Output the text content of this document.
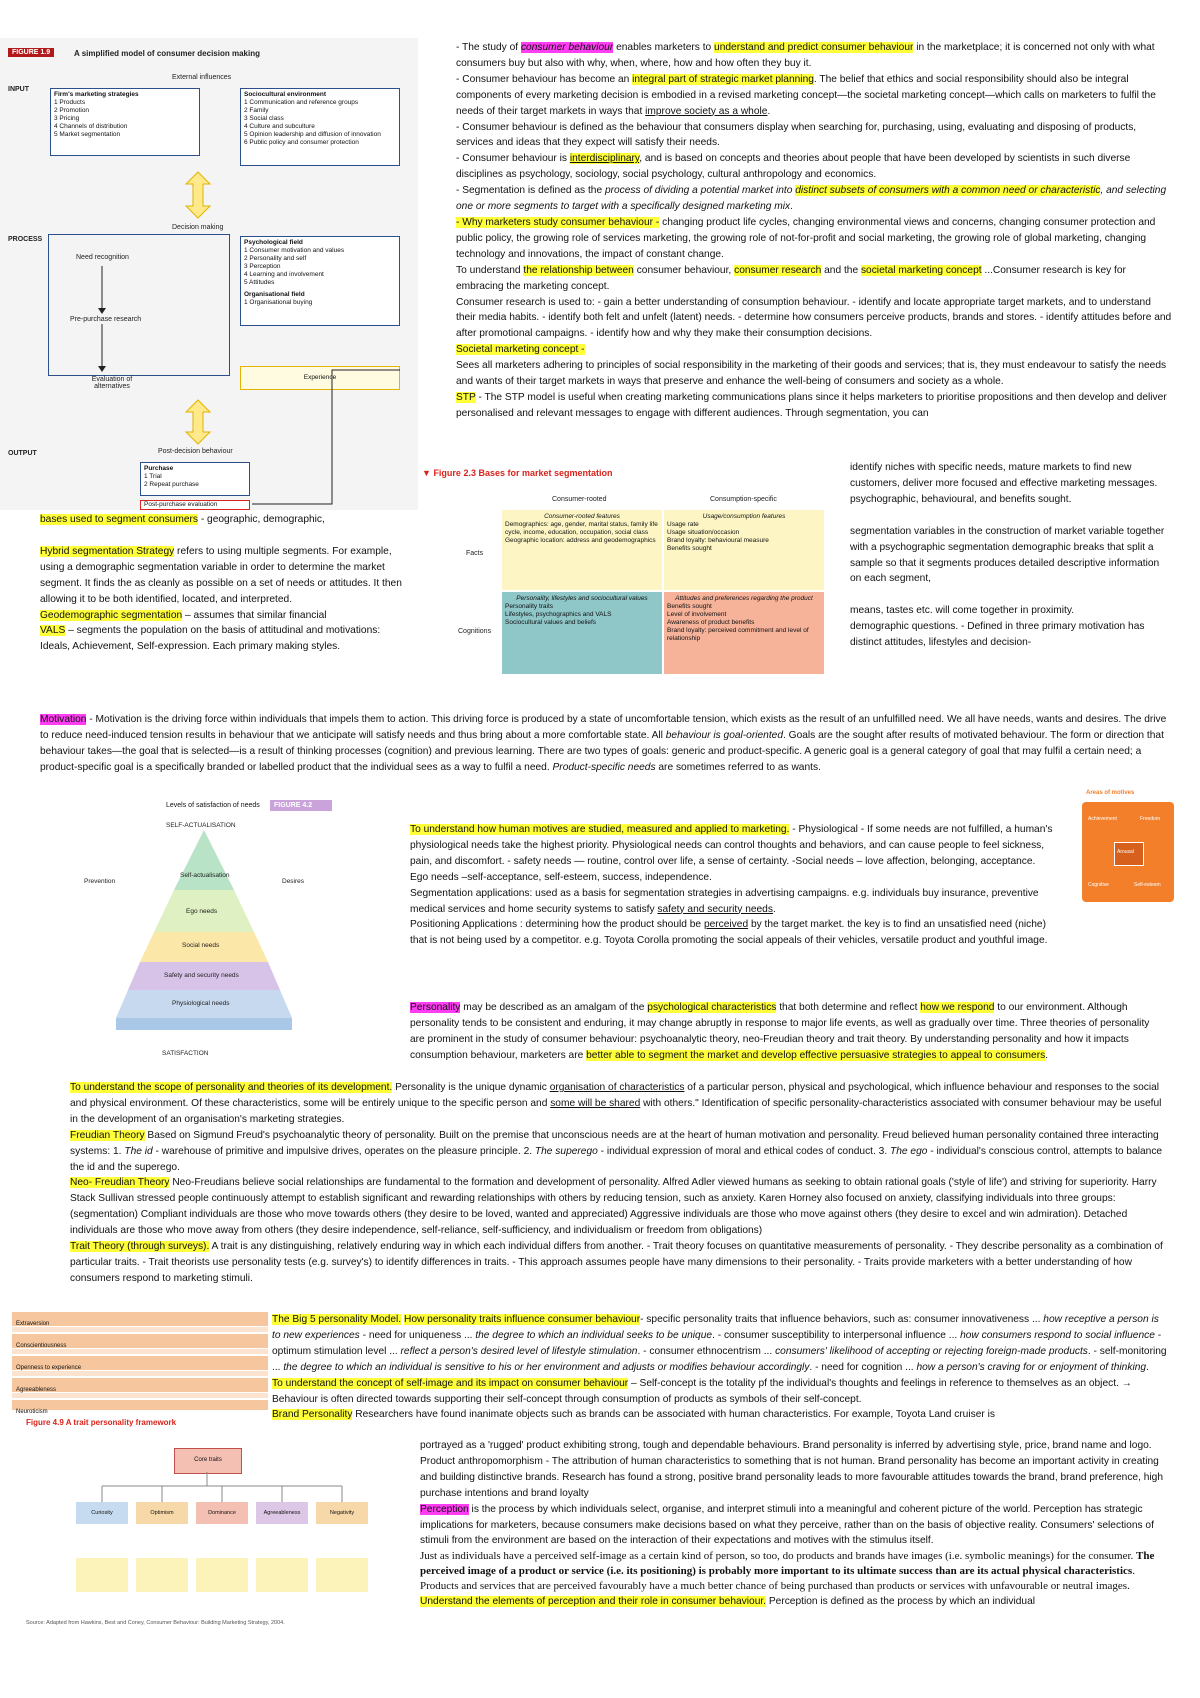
FIGURE 1.9	A simplified model of consumer decision making
External influences
INPUT
Firm's marketing strategies
1 Products
2 Promotion
3 Pricing
4 Channels of distribution
5 Market segmentation
Sociocultural environment
1 Communication and reference groups
2 Family
3 Social class
4 Culture and subculture
5 Opinion leadership and diffusion of innovation
6 Public policy and consumer protection
Decision making
PROCESS
Need recognition
Pre-purchase research
Evaluation of alternatives
Psychological field
1 Consumer motivation and values
2 Personality and self
3 Perception
4 Learning and involvement
5 Attitudes
Organisational field
1 Organisational buying
Experience
OUTPUT	Post-decision behaviour
Purchase
1 Trial
2 Repeat purchase
Post-purchase evaluation

- The study of consumer behaviour enables marketers to understand and predict consumer behaviour in the marketplace; it is concerned not only with what consumers buy but also with why, when, where, how and how often they buy it.

- Consumer behaviour has become an integral part of strategic market planning. The belief that ethics and social responsibility should also be integral components of every marketing decision is embodied in a revised marketing concept—the societal marketing concept—which calls on marketers to fulfil the needs of their target markets in ways that improve society as a whole.

- Consumer behaviour is defined as the behaviour that consumers display when searching for, purchasing, using, evaluating and disposing of products, services and ideas that they expect will satisfy their needs.

- Consumer behaviour is interdisciplinary, and is based on concepts and theories about people that have been developed by scientists in such diverse disciplines as psychology, sociology, social psychology, cultural anthropology and economics.

- Segmentation is defined as the process of dividing a potential market into distinct subsets of consumers with a common need or characteristic, and selecting one or more segments to target with a specifically designed marketing mix.

- Why marketers study consumer behaviour - changing product life cycles, changing environmental views and concerns, changing consumer protection and public policy, the growing role of services marketing, the growing role of not-for-profit and social marketing, the growing role of global marketing, changing technology and innovations, the impact of constant change.

To understand the relationship between consumer behaviour, consumer research and the societal marketing concept ...Consumer research is key for embracing the marketing concept.

Consumer research is used to: - gain a better understanding of consumption behaviour. - identify and locate appropriate target markets, and to understand their media habits. - identify both felt and unfelt (latent) needs. - determine how consumers perceive products, brands and stores. - identify attitudes before and after promotional campaigns. - identify how and why they make their consumption decisions.

Societal marketing concept -

Sees all marketers adhering to principles of social responsibility in the marketing of their goods and services; that is, they must endeavour to satisfy the needs and wants of their target markets in ways that preserve and enhance the well-being of consumers and society as a whole.

STP - The STP model is useful when creating marketing communications plans since it helps marketers to prioritise propositions and then develop and deliver personalised and relevant messages to engage with different audiences. Through segmentation, you can

▼ Figure 2.3 Bases for market segmentation
Consumer-rooted	Consumption-specific
Facts
Cognitions
Consumer-rooted features
Demographics: age, gender, marital status, family life cycle, income, education, occupation, social class
Geographic location: address and geodemographics
Usage/consumption features
Usage rate
Usage situation/occasion
Brand loyalty: behavioural measure
Benefits sought
Personality, lifestyles and sociocultural values
Personality traits
Lifestyles, psychographics and VALS
Sociocultural values and beliefs
Attitudes and preferences regarding the product
Benefits sought
Level of involvement
Awareness of product benefits
Brand loyalty: perceived commitment and level of relationship

identify niches with specific needs, mature markets to find new customers, deliver more focused and effective marketing messages.

psychographic, behavioural, and benefits sought.

segmentation variables in the construction of market variable together with a psychographic segmentation demographic breaks that split a sample so that it segments produces detailed descriptive information on each segment,

means, tastes etc. will come together in proximity.

demographic questions. - Defined in three primary motivation has distinct attitudes, lifestyles and decision-

bases used to segment consumers - geographic, demographic,

Hybrid segmentation Strategy refers to using multiple segments. For example, using a demographic segmentation variable in order to determine the market segment. It finds the as cleanly as possible on a set of needs or attitudes. It then allowing it to be both identified, located, and interpreted.

Geodemographic segmentation – assumes that similar financial

VALS – segments the population on the basis of attitudinal and motivations: Ideals, Achievement, Self-expression. Each primary making styles.

Motivation - Motivation is the driving force within individuals that impels them to action. This driving force is produced by a state of uncomfortable tension, which exists as the result of an unfulfilled need. We all have needs, wants and desires. The drive to reduce need-induced tension results in behaviour that we anticipate will satisfy needs and thus bring about a more comfortable state. All behaviour is goal-oriented. Goals are the sought after results of motivated behaviour. The form or direction that behaviour takes—the goal that is selected—is a result of thinking processes (cognition) and previous learning. There are two types of goals: generic and product-specific. A generic goal is a general category of goal that may fulfil a certain need; a product-specific goal is a specifically branded or labelled product that the individual sees as a way to fulfil a need. Product-specific needs are sometimes referred to as wants.

Levels of satisfaction of needs	FIGURE 4.2
SELF-ACTUALISATION
Prevention	Desires
Self-actualisation
Ego needs
Social needs
Safety and security needs
Physiological needs
SATISFACTION

To understand how human motives are studied, measured and applied to marketing. - Physiological - If some needs are not fulfilled, a human's physiological needs take the highest priority. Physiological needs can control thoughts and behaviors, and can cause people to feel sickness, pain, and discomfort. - safety needs — routine, control over life, a sense of certainty. -Social needs – love affection, belonging, acceptance. Ego needs –self-acceptance, self-esteem, success, independence.

Segmentation applications: used as a basis for segmentation strategies in advertising campaigns. e.g. individuals buy insurance, preventive medical services and home security systems to satisfy safety and security needs.

Positioning Applications : determining how the product should be perceived by the target market. the key is to find an unsatisfied need (niche) that is not being used by a competitor. e.g. Toyota Corolla promoting the social appeals of their vehicles, versatile product and youthful image.

Areas of motives
Achievement	Freedom
Arousal
Cognitive	Self-esteem

Personality may be described as an amalgam of the psychological characteristics that both determine and reflect how we respond to our environment. Although personality tends to be consistent and enduring, it may change abruptly in response to major life events, as well as gradually over time. Three theories of personality are prominent in the study of consumer behaviour: psychoanalytic theory, neo-Freudian theory and trait theory. By understanding personality and how it impacts consumption behaviour, marketers are better able to segment the market and develop effective persuasive strategies to appeal to consumers.

To understand the scope of personality and theories of its development. Personality is the unique dynamic organisation of characteristics of a particular person, physical and psychological, which influence behaviour and responses to the social and physical environment. Of these characteristics, some will be entirely unique to the specific person and some will be shared with others." Identification of specific personality-characteristics associated with consumer behaviour may be useful in the development of an organisation's marketing strategies.

Freudian Theory Based on Sigmund Freud's psychoanalytic theory of personality. Built on the premise that unconscious needs are at the heart of human motivation and personality. Freud believed human personality contained three interacting systems: 1. The id - warehouse of primitive and impulsive drives, operates on the pleasure principle. 2. The superego - individual expression of moral and ethical codes of conduct. 3. The ego - individual's conscious control, attempts to balance the id and the superego.

Neo- Freudian Theory Neo-Freudians believe social relationships are fundamental to the formation and development of personality. Alfred Adler viewed humans as seeking to obtain rational goals ('style of life') and striving for superiority. Harry Stack Sullivan stressed people continuously attempt to establish significant and rewarding relationships with others by reducing tension, such as anxiety. Karen Horney also focused on anxiety, classifying individuals into three groups: (segmentation) Compliant individuals are those who move towards others (they desire to be loved, wanted and appreciated) Aggressive individuals are those who move against others (they desire to excel and win admiration). Detached individuals are those who move away from others (they desire independence, self-reliance, self-sufficiency, and individualism or freedom from obligations)

Trait Theory (through surveys). A trait is any distinguishing, relatively enduring way in which each individual differs from another. - Trait theory focuses on quantitative measurements of personality. - They describe personality as a combination of particular traits. - Trait theorists use personality tests (e.g. survey's) to identify differences in traits. - This approach assumes people have many dimensions to their personality. - Traits provide marketers with a better understanding of how consumers respond to marketing stimuli.

Extraversion
Conscientiousness
Openness to experience
Agreeableness
Neuroticism
Figure 4.9 A trait personality framework
Core traits
Curiosity	Optimism	Dominance	Agreeableness	Negativity
Source: Adapted from Hawkins, Best and Coney, Consumer Behaviour: Building Marketing Strategy, 2004.

The Big 5 personality Model. How personality traits influence consumer behaviour- specific personality traits that influence behaviors, such as: consumer innovativeness ... how receptive a person is to new experiences - need for uniqueness ... the degree to which an individual seeks to be unique. - consumer susceptibility to interpersonal influence ... how consumers respond to social influence - optimum stimulation level ... reflect a person's desired level of lifestyle stimulation. - consumer ethnocentrism ... consumers' likelihood of accepting or rejecting foreign-made products. - self-monitoring ... the degree to which an individual is sensitive to his or her environment and adjusts or modifies behaviour accordingly. - need for cognition ... how a person's craving for or enjoyment of thinking.

To understand the concept of self-image and its impact on consumer behaviour – Self-concept is the totality pf the individual's thoughts and feelings in reference to themselves as an object. → Behaviour is often directed towards supporting their self-concept through consumption of products as symbols of their self-concept.

Brand Personality Researchers have found inanimate objects such as brands can be associated with human characteristics. For example, Toyota Land cruiser is

portrayed as a 'rugged' product exhibiting strong, tough and dependable behaviours. Brand personality is inferred by advertising style, price, brand name and logo. Product anthropomorphism - The attribution of human characteristics to something that is not human. Brand personality has become an important activity in creating and building distinctive brands. Research has found a strong, positive brand personality leads to more favourable attitudes towards the brand, brand preference, high purchase intentions and brand loyalty

Perception is the process by which individuals select, organise, and interpret stimuli into a meaningful and coherent picture of the world. Perception has strategic implications for marketers, because consumers make decisions based on what they perceive, rather than on the basis of objective reality. Consumers' selections of stimuli from the environment are based on the interaction of their expectations and motives with the stimulus itself.

Just as individuals have a perceived self-image as a certain kind of person, so too, do products and brands have images (i.e. symbolic meanings) for the consumer. The perceived image of a product or service (i.e. its positioning) is probably more important to its ultimate success than are its actual physical characteristics. Products and services that are perceived favourably have a much better chance of being purchased than products or services with unfavourable or neutral images.

Understand the elements of perception and their role in consumer behaviour. Perception is defined as the process by which an individual
